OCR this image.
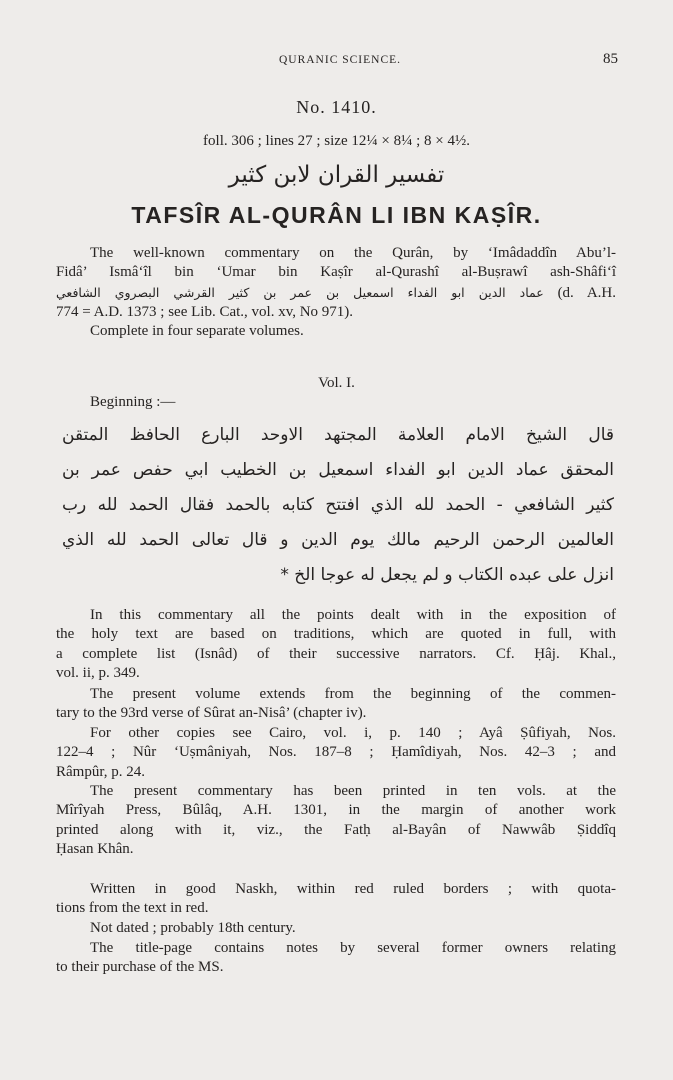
QURANIC SCIENCE.	85
No. 1410.
foll. 306 ; lines 27 ; size 12¼ × 8¼ ; 8 × 4½.
تفسير القران لابن كثير
TAFSÎR AL-QURÂN LI IBN KAṢÎR.
The well-known commentary on the Qurân, by ‘Imâdaddîn Abu’l-
Fidâ’ Ismâ‘îl bin ‘Umar bin Kaṣîr al-Qurashî al-Buṣrawî ash-Shâfi‘î
عماد الدين ابو الفداء اسمعيل بن عمر بن كثير القرشي البصروي الشافعي (d. A.H.
774 = A.D. 1373 ; see Lib. Cat., vol. xv, No 971).
Complete in four separate volumes.
Vol. I.
Beginning :—
قال الشيخ الامام العلامة المجتهد الاوحد البارع الحافظ المتقن
المحقق عماد الدين ابو الفداء اسمعيل بن الخطيب ابي حفص عمر بن
كثير الشافعي - الحمد لله الذي افتتح كتابه بالحمد فقال الحمد لله رب
العالمين الرحمن الرحيم مالك يوم الدين و قال تعالى الحمد لله الذي
انزل على عبده الكتاب و لم يجعل له عوجا الخ *
In this commentary all the points dealt with in the exposition of
the holy text are based on traditions, which are quoted in full, with
a complete list (Isnâd) of their successive narrators. Cf. Ḥâj. Khal.,
vol. ii, p. 349.
The present volume extends from the beginning of the commen-
tary to the 93rd verse of Sûrat an-Nisâ’ (chapter iv).
For other copies see Cairo, vol. i, p. 140 ; Ayâ Ṣûfiyah, Nos.
122–4 ; Nûr ‘Uṣmâniyah, Nos. 187–8 ; Ḥamîdiyah, Nos. 42–3 ; and
Râmpûr, p. 24.
The present commentary has been printed in ten vols. at the
Mîrîyah Press, Bûlâq, A.H. 1301, in the margin of another work
printed along with it, viz., the Fatḥ al-Bayân of Nawwâb Ṣiddîq
Ḥasan Khân.
Written in good Naskh, within red ruled borders ; with quota-
tions from the text in red.
Not dated ; probably 18th century.
The title-page contains notes by several former owners relating
to their purchase of the MS.
